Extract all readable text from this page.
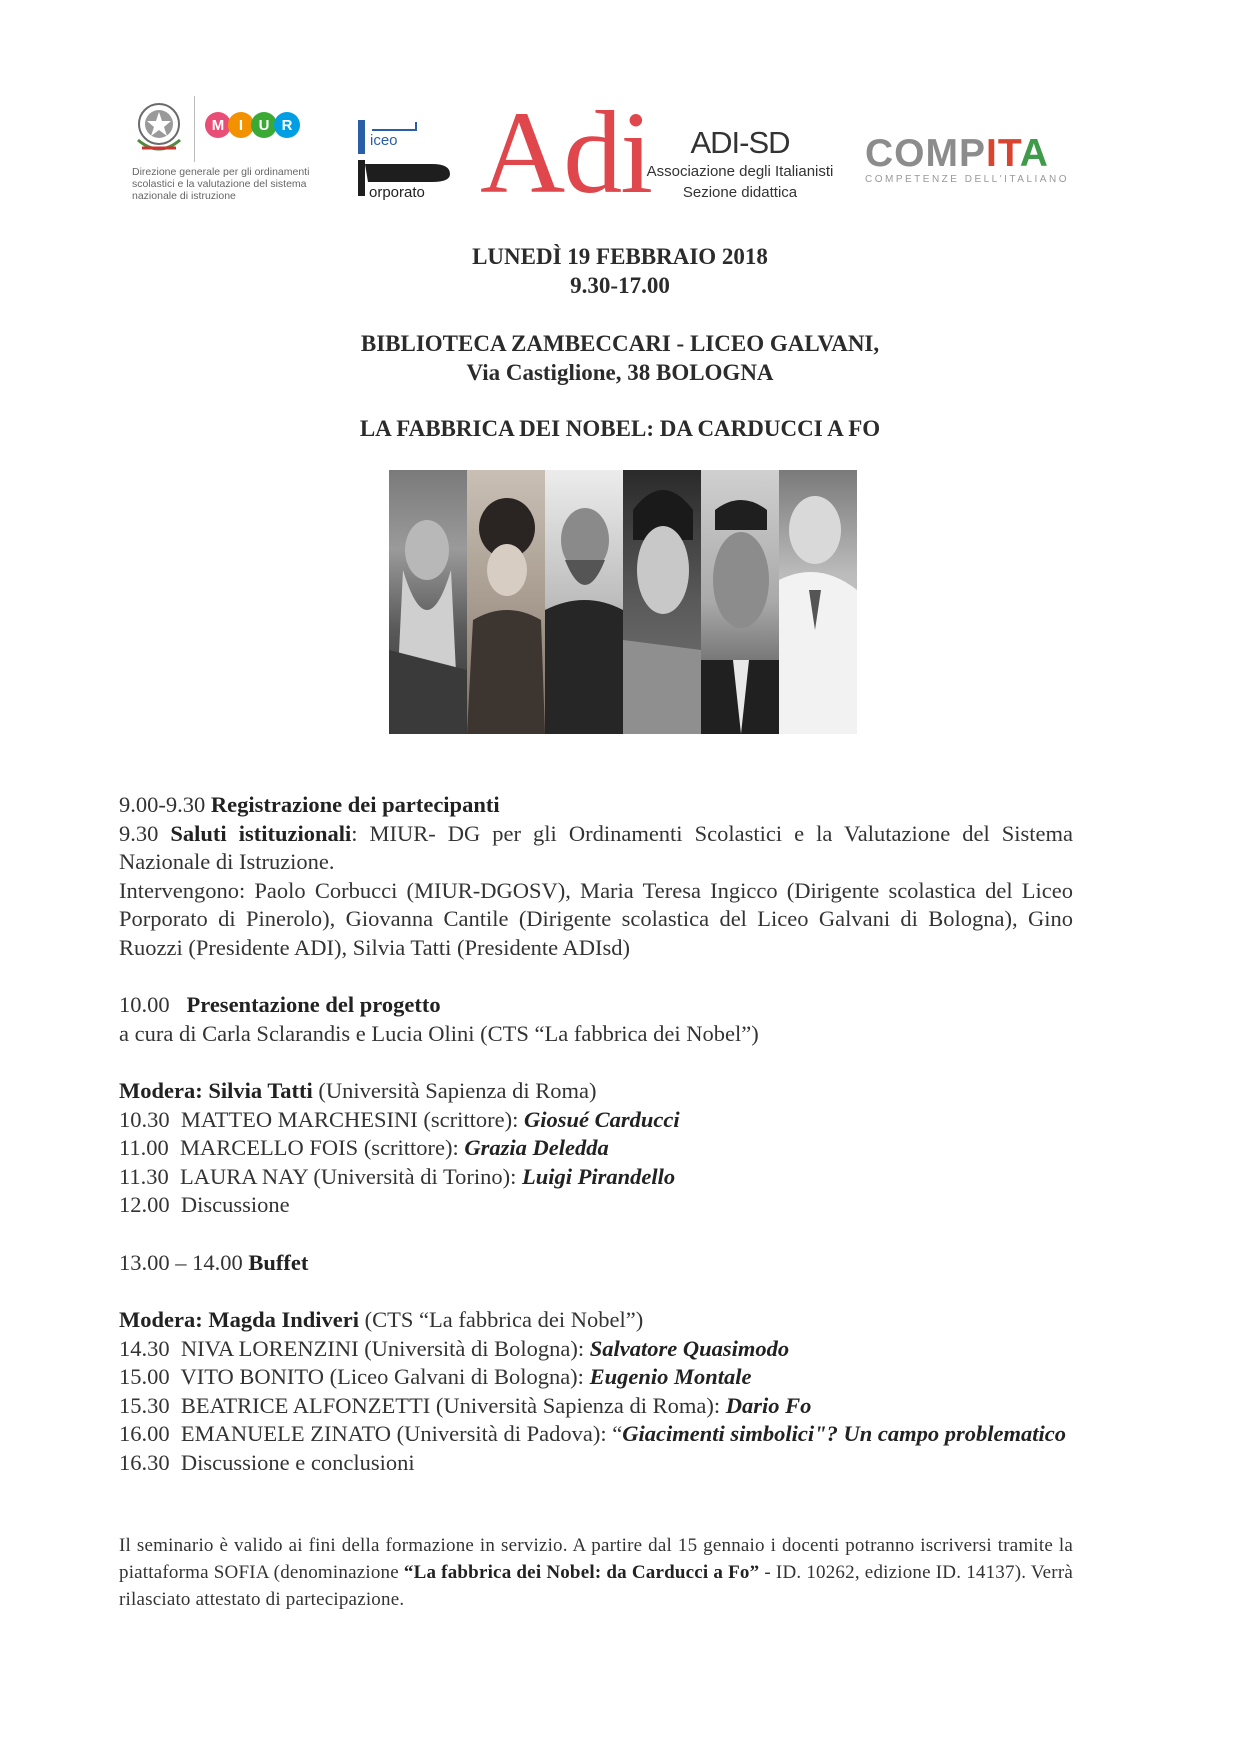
M I	U R
Direzione generale per gli ordinamenti scolastici e la valutazione del sistema nazionale di istruzione
iceo
orporato Adi	ADI-SD
Associazione degli Italianisti
Sezione didattica
COMPITA
COMPETENZE DELL'ITALIANO
LUNEDÌ 19 FEBBRAIO 2018
9.30-17.00
BIBLIOTECA ZAMBECCARI - LICEO GALVANI,
Via Castiglione, 38 BOLOGNA
LA FABBRICA DEI NOBEL: DA CARDUCCI A FO

9.00-9.30 Registrazione dei partecipanti

9.30 Saluti istituzionali: MIUR- DG per gli Ordinamenti Scolastici e la Valutazione del Sistema Nazionale di Istruzione.

Intervengono: Paolo Corbucci (MIUR-DGOSV), Maria Teresa Ingicco (Dirigente scolastica del Liceo Porporato di Pinerolo), Giovanna Cantile (Dirigente scolastica del Liceo Galvani di Bologna), Gino Ruozzi (Presidente ADI), Silvia Tatti (Presidente ADIsd)

10.00 Presentazione del progetto

a cura di Carla Sclarandis e Lucia Olini (CTS “La fabbrica dei Nobel”)

Modera: Silvia Tatti (Università Sapienza di Roma)

10.30 MATTEO MARCHESINI (scrittore): Giosué Carducci

11.00 MARCELLO FOIS (scrittore): Grazia Deledda

11.30 LAURA NAY (Università di Torino): Luigi Pirandello

12.00 Discussione

13.00 – 14.00 Buffet

Modera: Magda Indiveri (CTS “La fabbrica dei Nobel”)

14.30 NIVA LORENZINI (Università di Bologna): Salvatore Quasimodo

15.00 VITO BONITO (Liceo Galvani di Bologna): Eugenio Montale

15.30 BEATRICE ALFONZETTI (Università Sapienza di Roma): Dario Fo

16.00 EMANUELE ZINATO (Università di Padova): “Giacimenti simbolici"? Un campo problematico

16.30 Discussione e conclusioni

Il seminario è valido ai fini della formazione in servizio. A partire dal 15 gennaio i docenti potranno iscriversi tramite la piattaforma SOFIA (denominazione “La fabbrica dei Nobel: da Carducci a Fo” - ID. 10262, edizione ID. 14137). Verrà rilasciato attestato di partecipazione.
